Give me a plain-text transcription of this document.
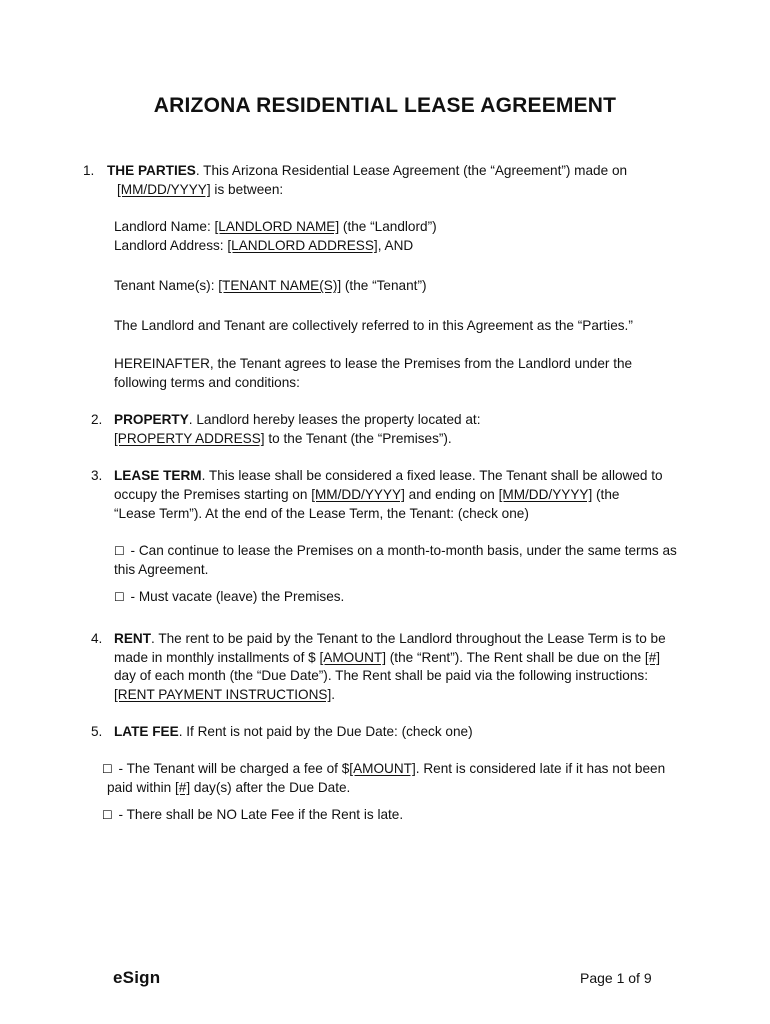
ARIZONA RESIDENTIAL LEASE AGREEMENT
1. THE PARTIES. This Arizona Residential Lease Agreement (the “Agreement”) made on
[MM/DD/YYYY] is between:
Landlord Name: [LANDLORD NAME] (the “Landlord”)
Landlord Address: [LANDLORD ADDRESS], AND
Tenant Name(s): [TENANT NAME(S)] (the “Tenant”)
The Landlord and Tenant are collectively referred to in this Agreement as the “Parties.”
HEREINAFTER, the Tenant agrees to lease the Premises from the Landlord under the
following terms and conditions:
2. PROPERTY. Landlord hereby leases the property located at:
[PROPERTY ADDRESS] to the Tenant (the “Premises”).
3. LEASE TERM. This lease shall be considered a fixed lease. The Tenant shall be allowed to
occupy the Premises starting on [MM/DD/YYYY] and ending on [MM/DD/YYYY] (the
“Lease Term”). At the end of the Lease Term, the Tenant: (check one)
☐ - Can continue to lease the Premises on a month-to-month basis, under the same terms as
this Agreement.
☐ - Must vacate (leave) the Premises.
4. RENT. The rent to be paid by the Tenant to the Landlord throughout the Lease Term is to be
made in monthly installments of $ [AMOUNT] (the “Rent”). The Rent shall be due on the [#]
day of each month (the “Due Date”). The Rent shall be paid via the following instructions:
[RENT PAYMENT INSTRUCTIONS].
5. LATE FEE. If Rent is not paid by the Due Date: (check one)
☐ - The Tenant will be charged a fee of $[AMOUNT]. Rent is considered late if it has not been
paid within [#] day(s) after the Due Date.
☐ - There shall be NO Late Fee if the Rent is late.
eSign	Page 1 of 9
